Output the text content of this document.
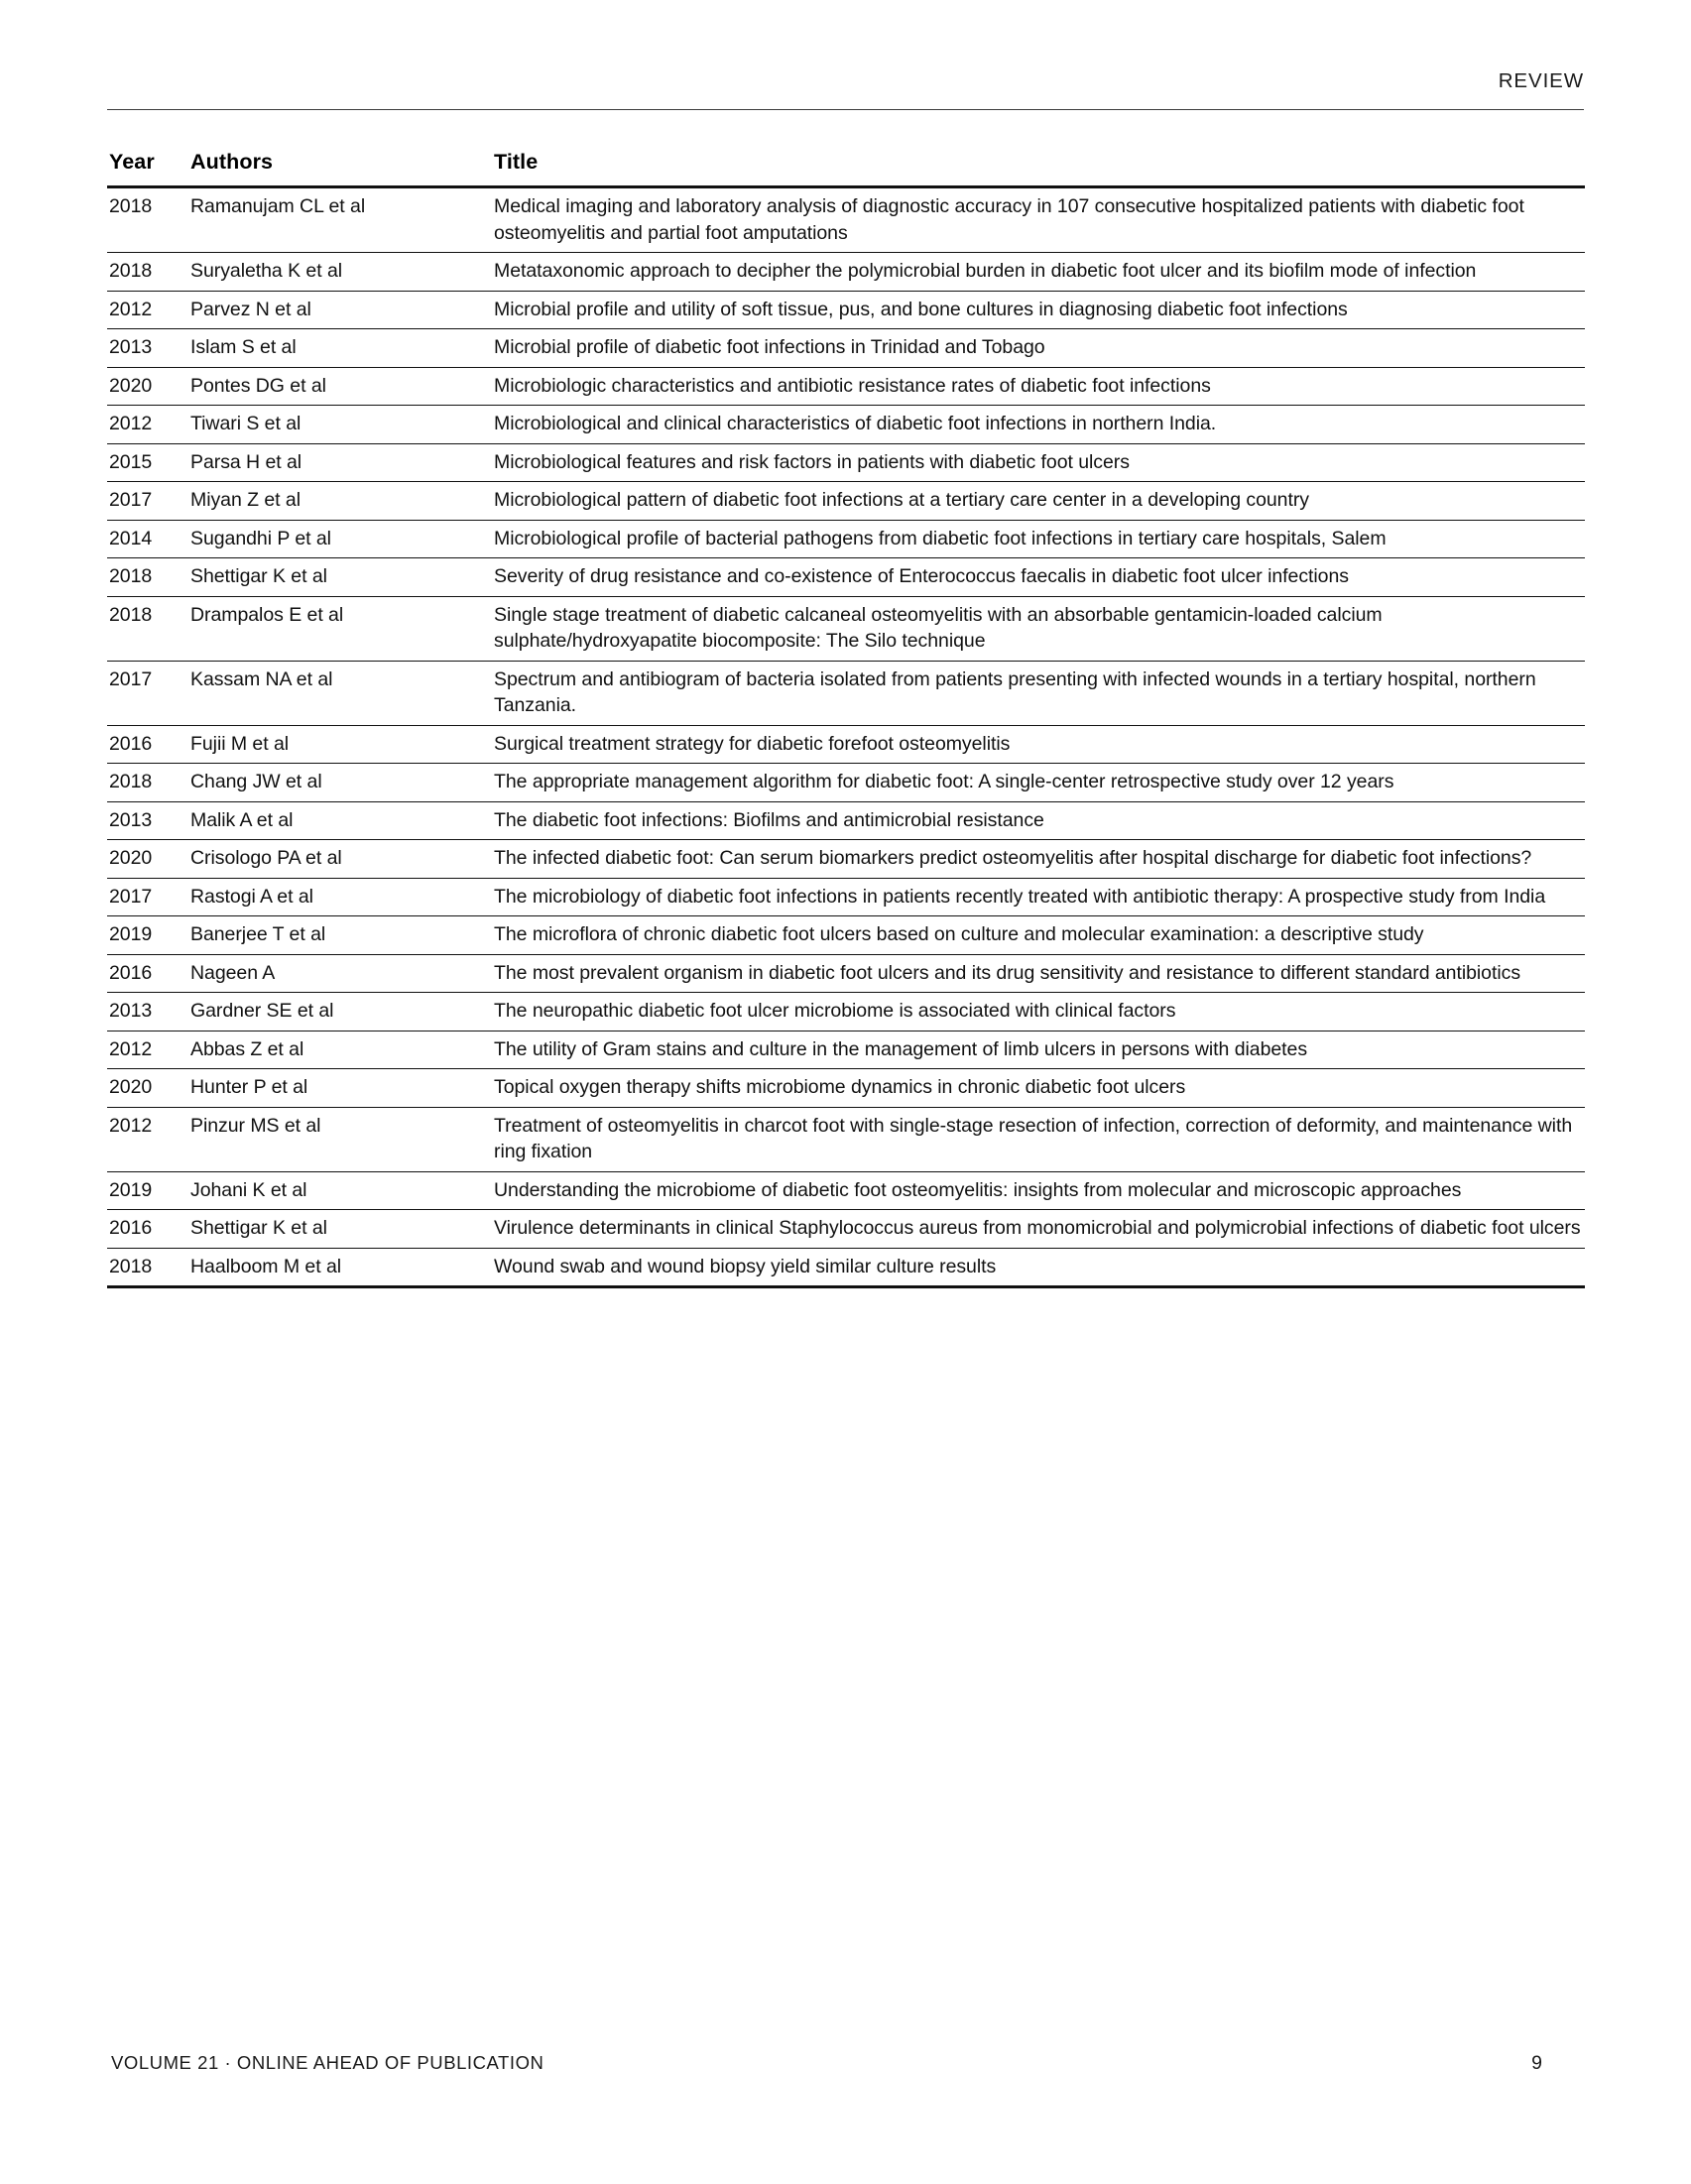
REVIEW
Year	Authors	Title
2018	Ramanujam CL et al	Medical imaging and laboratory analysis of diagnostic accuracy in 107 consecutive hospitalized patients with diabetic foot osteomyelitis and partial foot amputations
2018	Suryaletha K et al	Metataxonomic approach to decipher the polymicrobial burden in diabetic foot ulcer and its biofilm mode of infection
2012	Parvez N et al	Microbial profile and utility of soft tissue, pus, and bone cultures in diagnosing diabetic foot infections
2013	Islam S et al	Microbial profile of diabetic foot infections in Trinidad and Tobago
2020	Pontes DG et al	Microbiologic characteristics and antibiotic resistance rates of diabetic foot infections
2012	Tiwari S et al	Microbiological and clinical characteristics of diabetic foot infections in northern India.
2015	Parsa H et al	Microbiological features and risk factors in patients with diabetic foot ulcers
2017	Miyan Z et al	Microbiological pattern of diabetic foot infections at a tertiary care center in a developing country
2014	Sugandhi P et al	Microbiological profile of bacterial pathogens from diabetic foot infections in tertiary care hospitals, Salem
2018	Shettigar K et al	Severity of drug resistance and co-existence of Enterococcus faecalis in diabetic foot ulcer infections
2018	Drampalos E et al	Single stage treatment of diabetic calcaneal osteomyelitis with an absorbable gentamicin-loaded calcium sulphate/hydroxyapatite biocomposite: The Silo technique
2017	Kassam NA et al	Spectrum and antibiogram of bacteria isolated from patients presenting with infected wounds in a tertiary hospital, northern Tanzania.
2016	Fujii M et al	Surgical treatment strategy for diabetic forefoot osteomyelitis
2018	Chang JW et al	The appropriate management algorithm for diabetic foot: A single-center retrospective study over 12 years
2013	Malik A et al	The diabetic foot infections: Biofilms and antimicrobial resistance
2020	Crisologo PA et al	The infected diabetic foot: Can serum biomarkers predict osteomyelitis after hospital discharge for diabetic foot infections?
2017	Rastogi A et al	The microbiology of diabetic foot infections in patients recently treated with antibiotic therapy: A prospective study from India
2019	Banerjee T et al	The microflora of chronic diabetic foot ulcers based on culture and molecular examination: a descriptive study
2016	Nageen A	The most prevalent organism in diabetic foot ulcers and its drug sensitivity and resistance to different standard antibiotics
2013	Gardner SE et al	The neuropathic diabetic foot ulcer microbiome is associated with clinical factors
2012	Abbas Z et al	The utility of Gram stains and culture in the management of limb ulcers in persons with diabetes
2020	Hunter P et al	Topical oxygen therapy shifts microbiome dynamics in chronic diabetic foot ulcers
2012	Pinzur MS et al	Treatment of osteomyelitis in charcot foot with single-stage resection of infection, correction of deformity, and maintenance with ring fixation
2019	Johani K et al	Understanding the microbiome of diabetic foot osteomyelitis: insights from molecular and microscopic approaches
2016	Shettigar K et al	Virulence determinants in clinical Staphylococcus aureus from monomicrobial and polymicrobial infections of diabetic foot ulcers
2018	Haalboom M et al	Wound swab and wound biopsy yield similar culture results
VOLUME 21 · ONLINE AHEAD OF PUBLICATION	9
